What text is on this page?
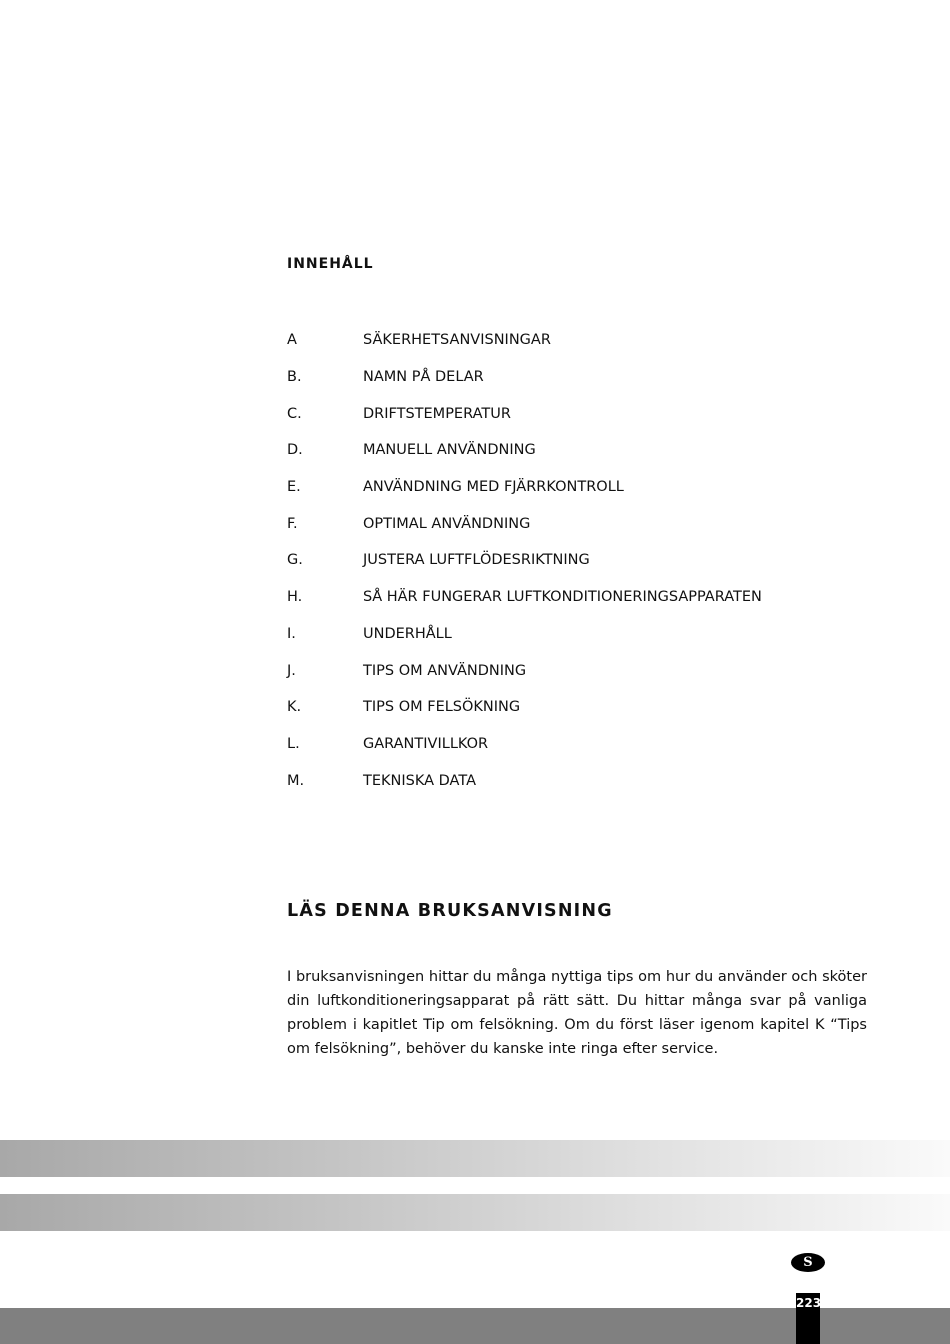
INNEHÅLL
A	SÄKERHETSANVISNINGAR
B.	NAMN PÅ DELAR
C.	DRIFTSTEMPERATUR
D.	MANUELL ANVÄNDNING
E.	ANVÄNDNING MED FJÄRRKONTROLL
F.	OPTIMAL ANVÄNDNING
G.	JUSTERA LUFTFLÖDESRIKTNING
H.	SÅ HÄR FUNGERAR LUFTKONDITIONERINGSAPPARATEN
I.	UNDERHÅLL
J.	TIPS OM ANVÄNDNING
K.	TIPS OM FELSÖKNING
L.	GARANTIVILLKOR
M.	TEKNISKA DATA
LÄS DENNA BRUKSANVISNING

I bruksanvisningen hittar du många nyttiga tips om hur du använder och sköter din luftkonditioneringsapparat på rätt sätt. Du hittar många svar på vanliga problem i kapitlet Tip om felsökning. Om du först läser igenom kapitel K “Tips om felsökning”, behöver du kanske inte ringa efter service.

S
223
